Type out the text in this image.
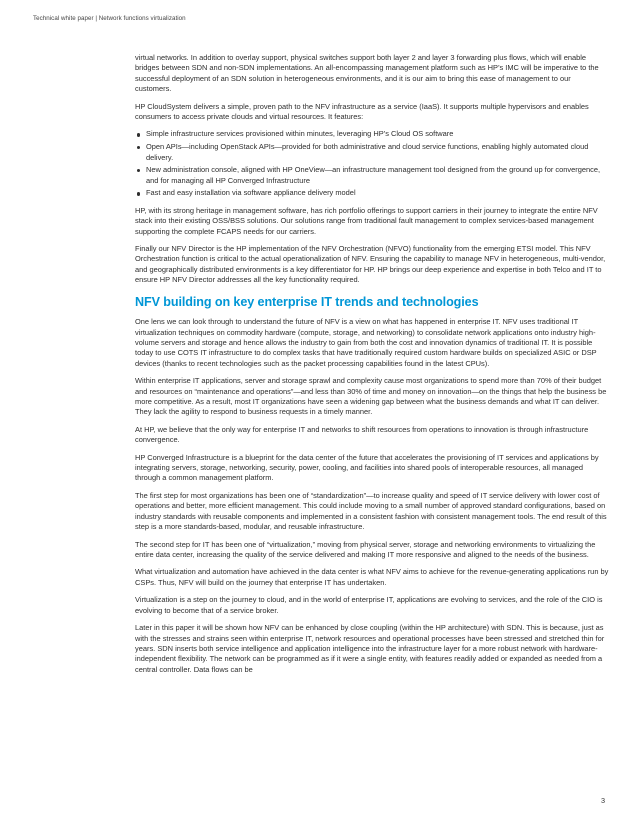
Technical white paper | Network functions virtualization

virtual networks. In addition to overlay support, physical switches support both layer 2 and layer 3 forwarding plus flows, which will enable bridges between SDN and non-SDN implementations. An all-encompassing management platform such as HP’s IMC will be imperative to the successful deployment of an SDN solution in heterogeneous environments, and it is our aim to bring this ease of management to our customers.

HP CloudSystem delivers a simple, proven path to the NFV infrastructure as a service (IaaS). It supports multiple hypervisors and enables consumers to access private clouds and virtual resources. It features:

Simple infrastructure services provisioned within minutes, leveraging HP’s Cloud OS software
Open APIs—including OpenStack APIs—provided for both administrative and cloud service functions, enabling highly automated cloud delivery.
New administration console, aligned with HP OneView—an infrastructure management tool designed from the ground up for convergence, and for managing all HP Converged Infrastructure
Fast and easy installation via software appliance delivery model

HP, with its strong heritage in management software, has rich portfolio offerings to support carriers in their journey to integrate the entire NFV stack into their existing OSS/BSS solutions. Our solutions range from traditional fault management to complex services-based management supporting the complete FCAPS needs for our carriers.

Finally our NFV Director is the HP implementation of the NFV Orchestration (NFVO) functionality from the emerging ETSI model. This NFV Orchestration function is critical to the actual operationalization of NFV. Ensuring the capability to manage NFV in heterogeneous, multi-vendor, and geographically distributed environments is a key differentiator for HP. HP brings our deep experience and expertise in both Telco and IT to ensure HP NFV Director addresses all the key functionality required.

NFV building on key enterprise IT trends and technologies

One lens we can look through to understand the future of NFV is a view on what has happened in enterprise IT. NFV uses traditional IT virtualization techniques on commodity hardware (compute, storage, and networking) to consolidate network applications onto industry high-volume servers and storage and hence allows the industry to gain from both the cost and innovation dynamics of traditional IT. It is possible today to use COTS IT infrastructure to do complex tasks that have traditionally required custom hardware builds on specialized ASIC or DSP devices (thanks to recent technologies such as the packet processing capabilities found in the latest CPUs).

Within enterprise IT applications, server and storage sprawl and complexity cause most organizations to spend more than 70% of their budget and resources on “maintenance and operations”—and less than 30% of time and money on innovation—on the things that help the business be more competitive. As a result, most IT organizations have seen a widening gap between what the business demands and what IT can deliver. They lack the agility to respond to business requests in a timely manner.

At HP, we believe that the only way for enterprise IT and networks to shift resources from operations to innovation is through infrastructure convergence.

HP Converged Infrastructure is a blueprint for the data center of the future that accelerates the provisioning of IT services and applications by integrating servers, storage, networking, security, power, cooling, and facilities into shared pools of interoperable resources, all managed through a common management platform.

The first step for most organizations has been one of “standardization”—to increase quality and speed of IT service delivery with lower cost of operations and better, more efficient management. This could include moving to a small number of approved standard configurations, based on industry standards with reusable components and implemented in a consistent fashion with consistent management tools. The end result of this step is a more standards-based, modular, and reusable infrastructure.

The second step for IT has been one of “virtualization,” moving from physical server, storage and networking environments to virtualizing the entire data center, increasing the quality of the service delivered and making IT more responsive and aligned to the needs of the business.

What virtualization and automation have achieved in the data center is what NFV aims to achieve for the revenue-generating applications run by CSPs. Thus, NFV will build on the journey that enterprise IT has undertaken.

Virtualization is a step on the journey to cloud, and in the world of enterprise IT, applications are evolving to services, and the role of the CIO is evolving to become that of a service broker.

Later in this paper it will be shown how NFV can be enhanced by close coupling (within the HP architecture) with SDN. This is because, just as with the stresses and strains seen within enterprise IT, network resources and operational processes have been stressed and stretched thin for years. SDN inserts both service intelligence and application intelligence into the infrastructure layer for a more robust network with hardware-independent flexibility. The network can be programmed as if it were a single entity, with features readily added or expanded as needed from a central controller. Data flows can be

3
